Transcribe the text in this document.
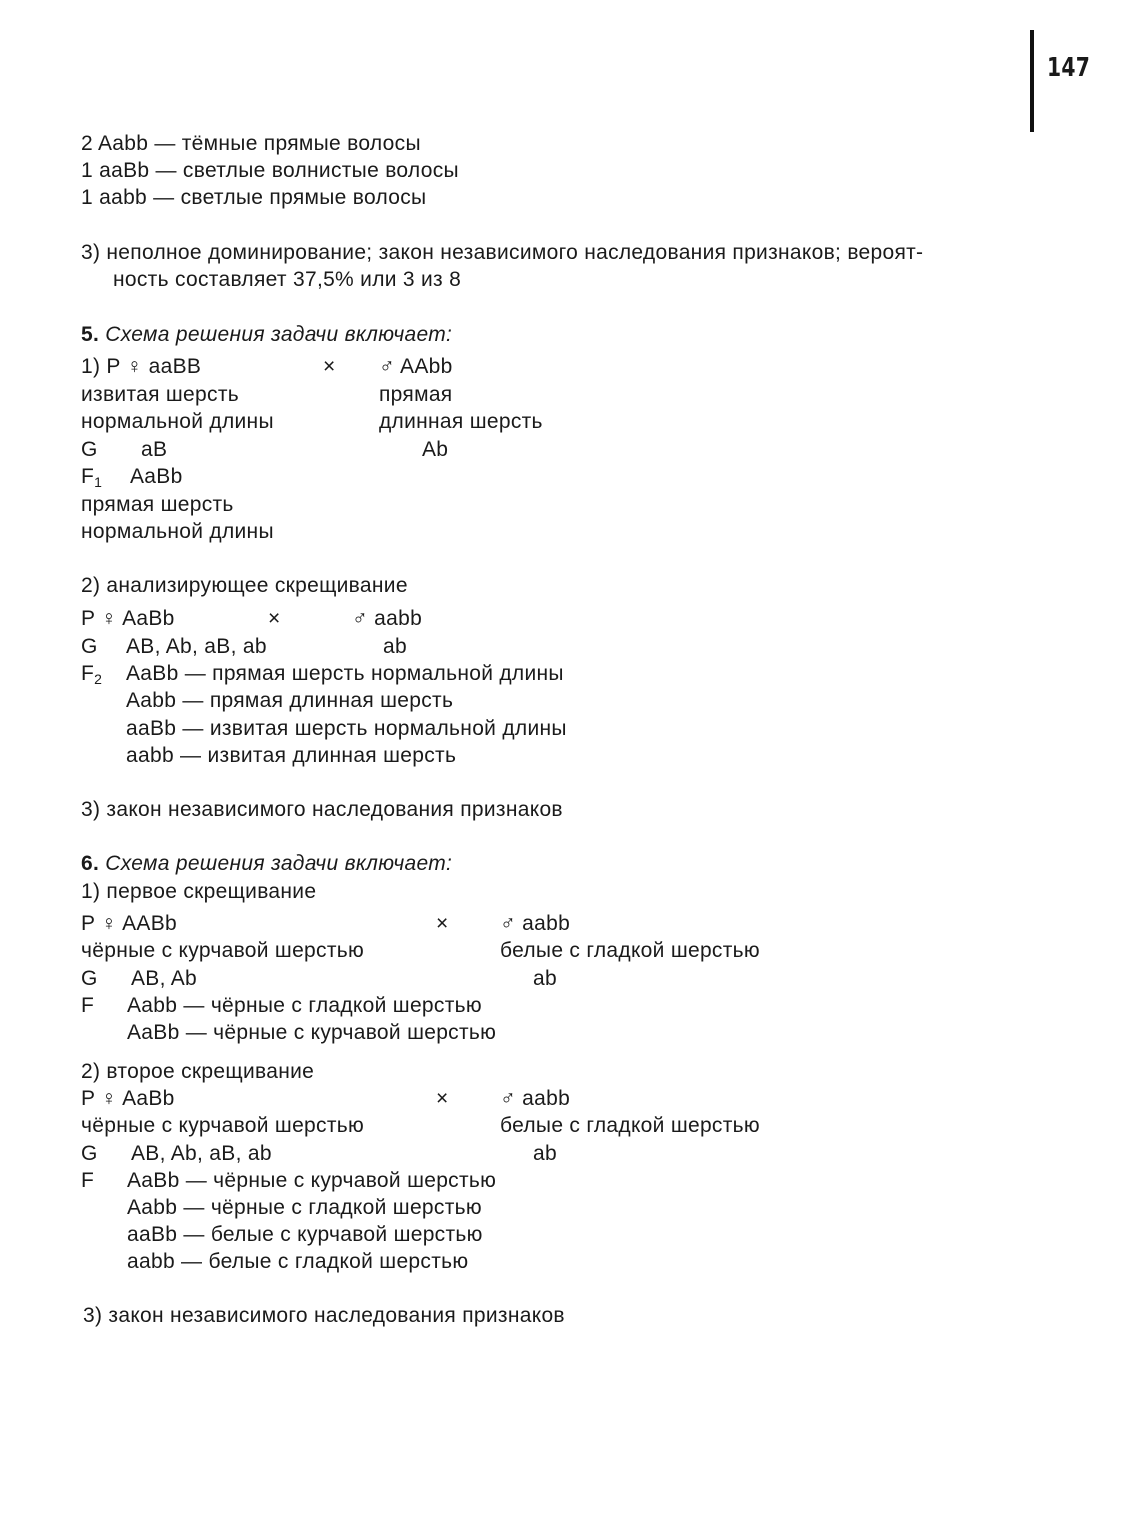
147
2 Aabb — тёмные прямые волосы
1 aaBb — светлые волнистые волосы
1 aabb — светлые прямые волосы
3) неполное доминирование; закон независимого наследования признаков; вероят-
ность составляет 37,5% или 3 из 8
5. Схема решения задачи включает:
1) P ♀ aaBB	× ♂ AAbb
извитая шерсть	прямая
нормальной длины	длинная шерсть
G aB	Ab
$F_1$ AaBb
прямая шерсть
нормальной длины
2) анализирующее скрещивание
P ♀ AaBb	×	♂ aabb
G AB, Ab, aB, ab	ab
$F_2$ AaBb — прямая шерсть нормальной длины
Aabb — прямая длинная шерсть
aaBb — извитая шерсть нормальной длины
aabb — извитая длинная шерсть
3) закон независимого наследования признаков
6. Схема решения задачи включает:
1) первое скрещивание
P ♀ AABb	× ♂ aabb
чёрные с курчавой шерстью	белые с гладкой шерстью
G AB, Ab	ab
F Aabb — чёрные с гладкой шерстью
AaBb — чёрные с курчавой шерстью
2) второе скрещивание
P ♀ AaBb	× ♂ aabb
чёрные с курчавой шерстью	белые с гладкой шерстью
G AB, Ab, aB, ab	ab
F AaBb — чёрные с курчавой шерстью
Aabb — чёрные с гладкой шерстью
aaBb — белые с курчавой шерстью
aabb — белые с гладкой шерстью
3) закон независимого наследования признаков
